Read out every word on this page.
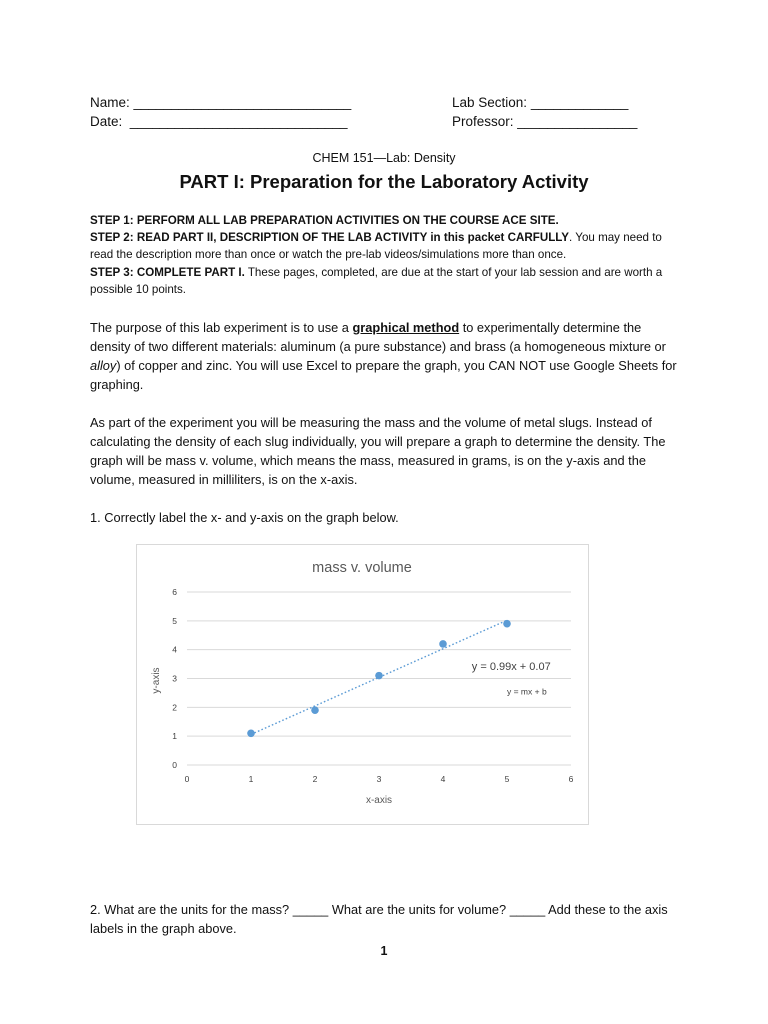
Name: _____________________________
Date: _____________________________
Lab Section: _____________
Professor: ________________
CHEM 151—Lab: Density
PART I: Preparation for the Laboratory Activity
STEP 1: PERFORM ALL LAB PREPARATION ACTIVITIES ON THE COURSE ACE SITE.
STEP 2: READ PART II, DESCRIPTION OF THE LAB ACTIVITY in this packet CARFULLY. You may need to read the description more than once or watch the pre-lab videos/simulations more than once.
STEP 3: COMPLETE PART I. These pages, completed, are due at the start of your lab session and are worth a possible 10 points.
The purpose of this lab experiment is to use a graphical method to experimentally determine the density of two different materials: aluminum (a pure substance) and brass (a homogeneous mixture or alloy) of copper and zinc. You will use Excel to prepare the graph, you CAN NOT use Google Sheets for graphing.
As part of the experiment you will be measuring the mass and the volume of metal slugs. Instead of calculating the density of each slug individually, you will prepare a graph to determine the density. The graph will be mass v. volume, which means the mass, measured in grams, is on the y-axis and the volume, measured in milliliters, is on the x-axis.
1. Correctly label the x- and y-axis on the graph below.
mass v. volume
0
1
2
3
4
5
6
0	1	2	3	4	5	6
y = 0.99x + 0.07
y = mx + b
x-axis
y-axis
2. What are the units for the mass? _____ What are the units for volume? _____ Add these to the axis labels in the graph above.
1
